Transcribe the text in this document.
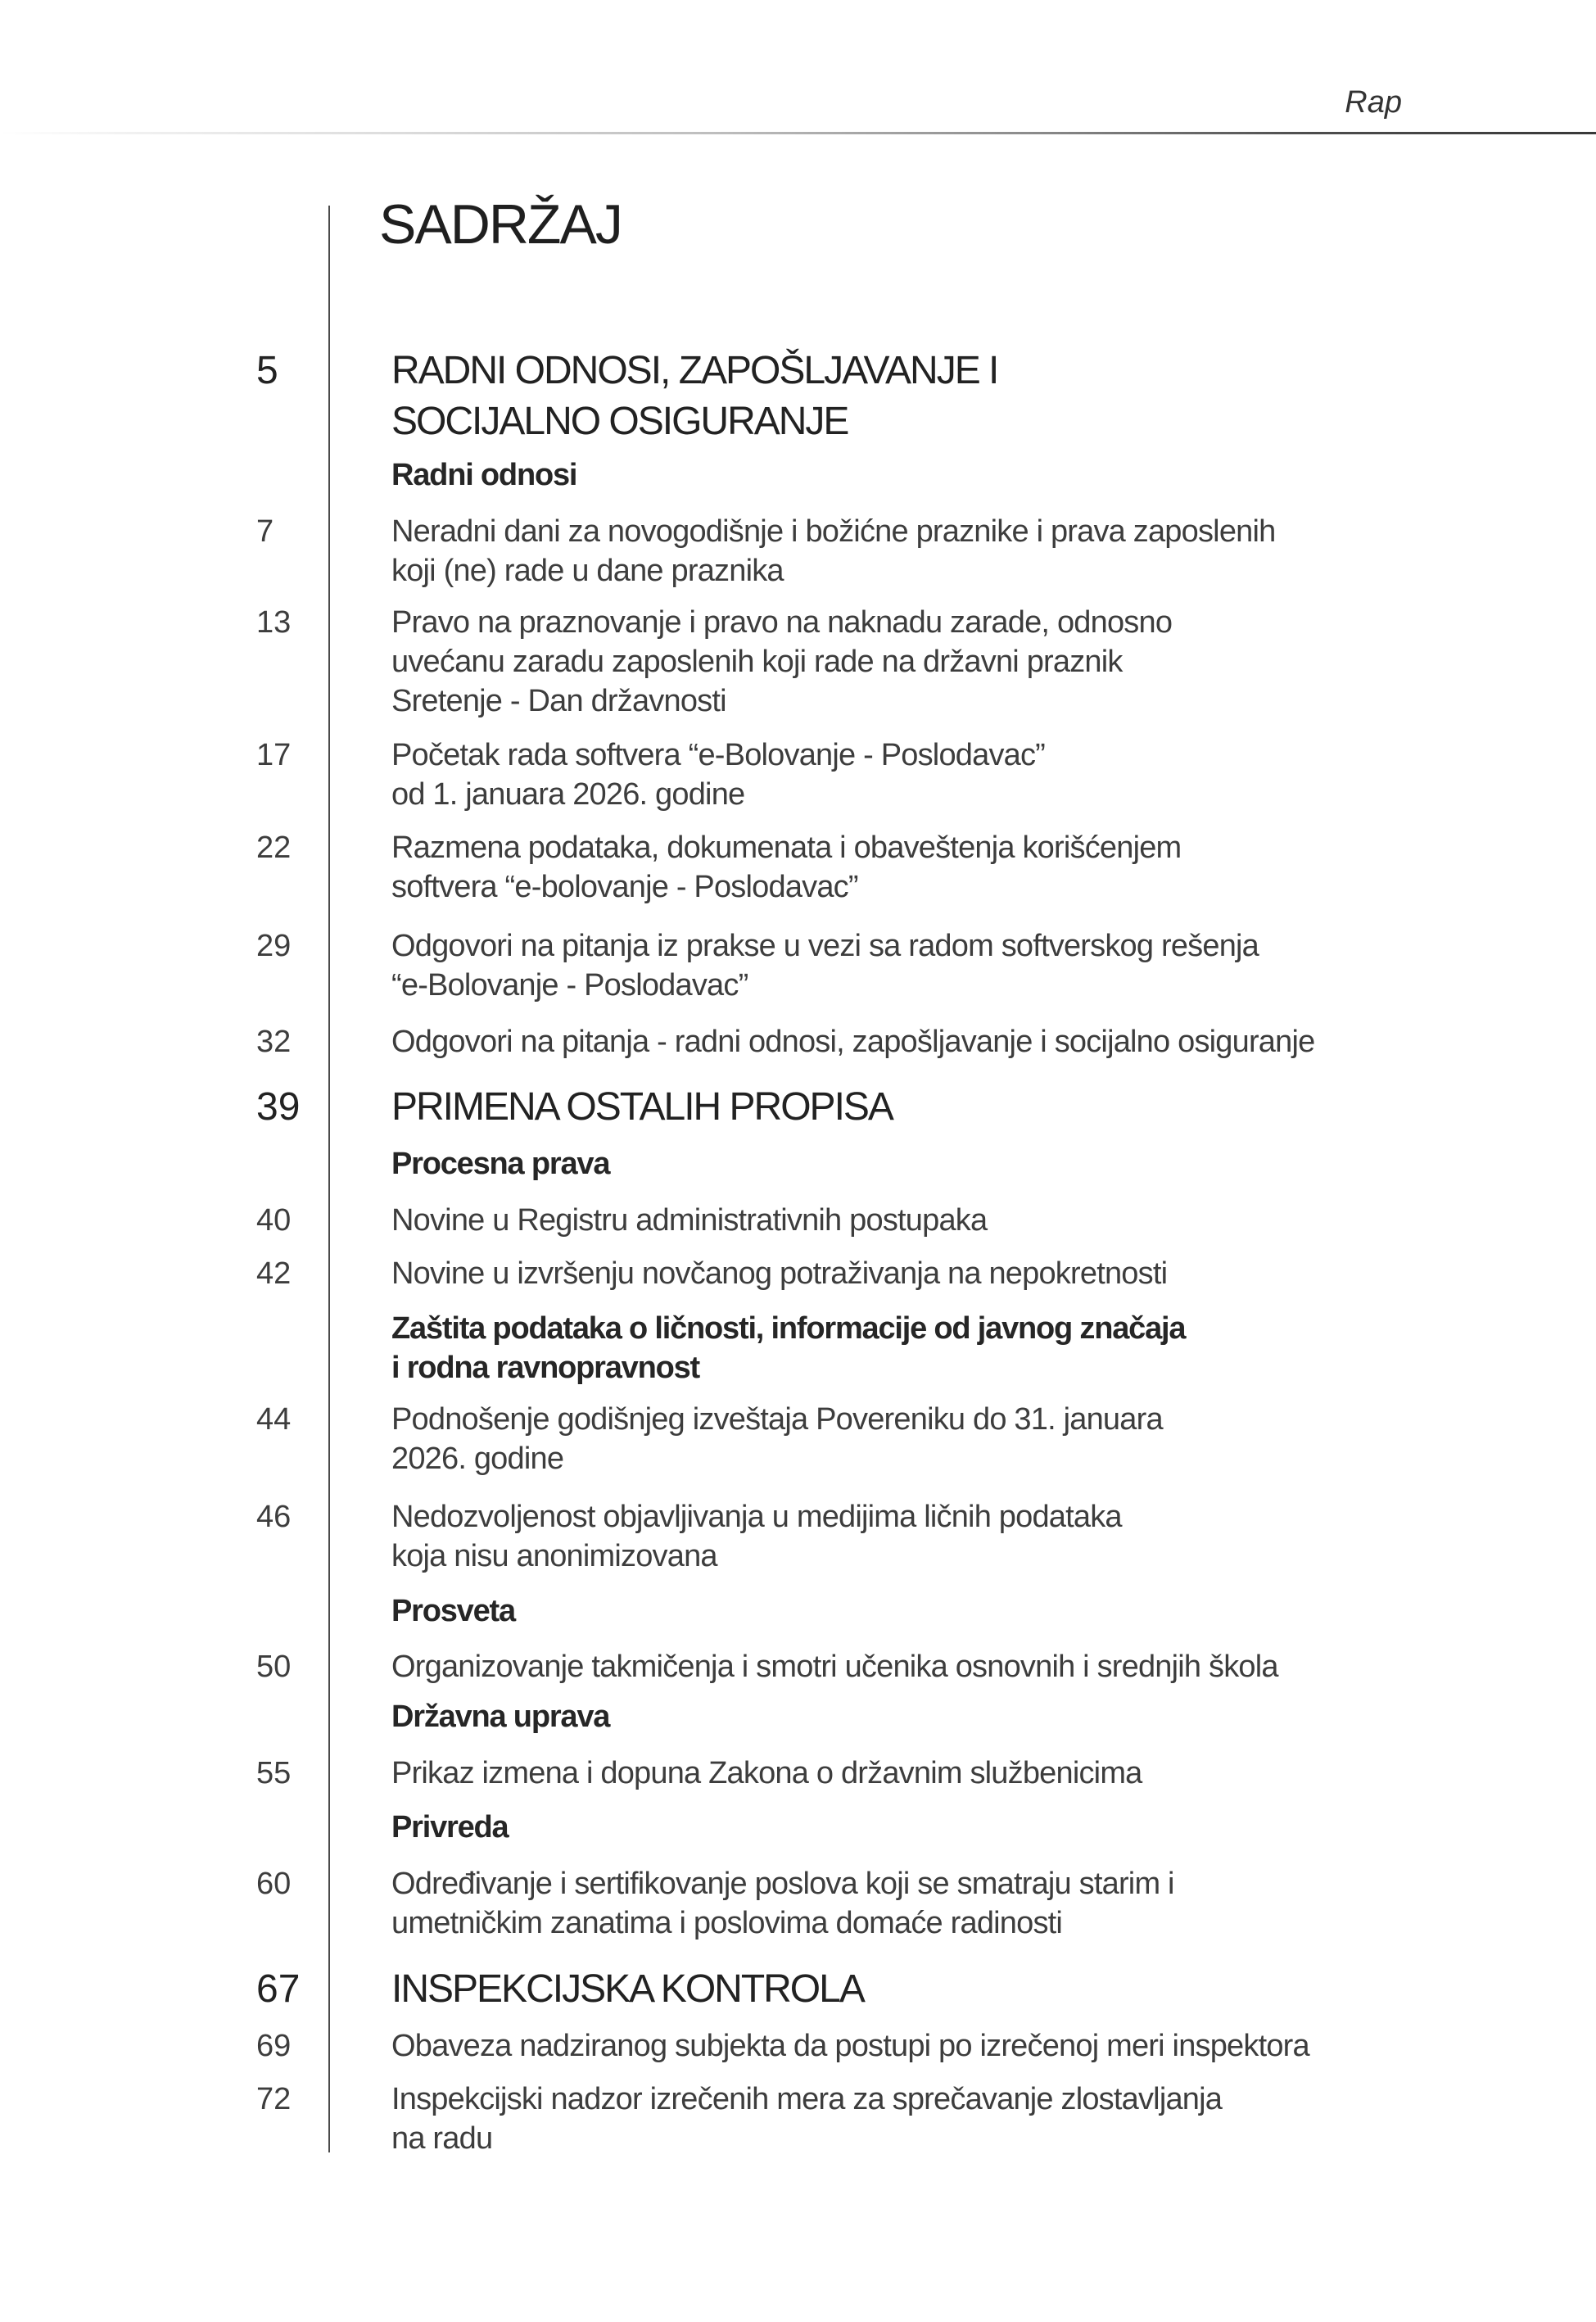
Rap
SADRŽAJ
5	RADNI ODNOSI, ZAPOŠLJAVANJE I
SOCIJALNO OSIGURANJE
Radni odnosi
7	Neradni dani za novogodišnje i božićne praznike i prava zaposlenih
koji (ne) rade u dane praznika
13	Pravo na praznovanje i pravo na naknadu zarade, odnosno
uvećanu zaradu zaposlenih koji rade na državni praznik
Sretenje - Dan državnosti
17	Početak rada softvera “e-Bolovanje - Poslodavac”
od 1. januara 2026. godine
22	Razmena podataka, dokumenata i obaveštenja korišćenjem
softvera “e-bolovanje - Poslodavac”
29	Odgovori na pitanja iz prakse u vezi sa radom softverskog rešenja
“e-Bolovanje - Poslodavac”
32	Odgovori na pitanja - radni odnosi, zapošljavanje i socijalno osiguranje
39	PRIMENA OSTALIH PROPISA
Procesna prava
40	Novine u Registru administrativnih postupaka
42	Novine u izvršenju novčanog potraživanja na nepokretnosti
Zaštita podataka o ličnosti, informacije od javnog značaja
i rodna ravnopravnost
44	Podnošenje godišnjeg izveštaja Povereniku do 31. januara
2026. godine
46	Nedozvoljenost objavljivanja u medijima ličnih podataka
koja nisu anonimizovana
Prosveta
50	Organizovanje takmičenja i smotri učenika osnovnih i srednjih škola
Državna uprava
55	Prikaz izmena i dopuna Zakona o državnim službenicima
Privreda
60	Određivanje i sertifikovanje poslova koji se smatraju starim i
umetničkim zanatima i poslovima domaće radinosti
67	INSPEKCIJSKA KONTROLA
69	Obaveza nadziranog subjekta da postupi po izrečenoj meri inspektora
72	Inspekcijski nadzor izrečenih mera za sprečavanje zlostavljanja
na radu
